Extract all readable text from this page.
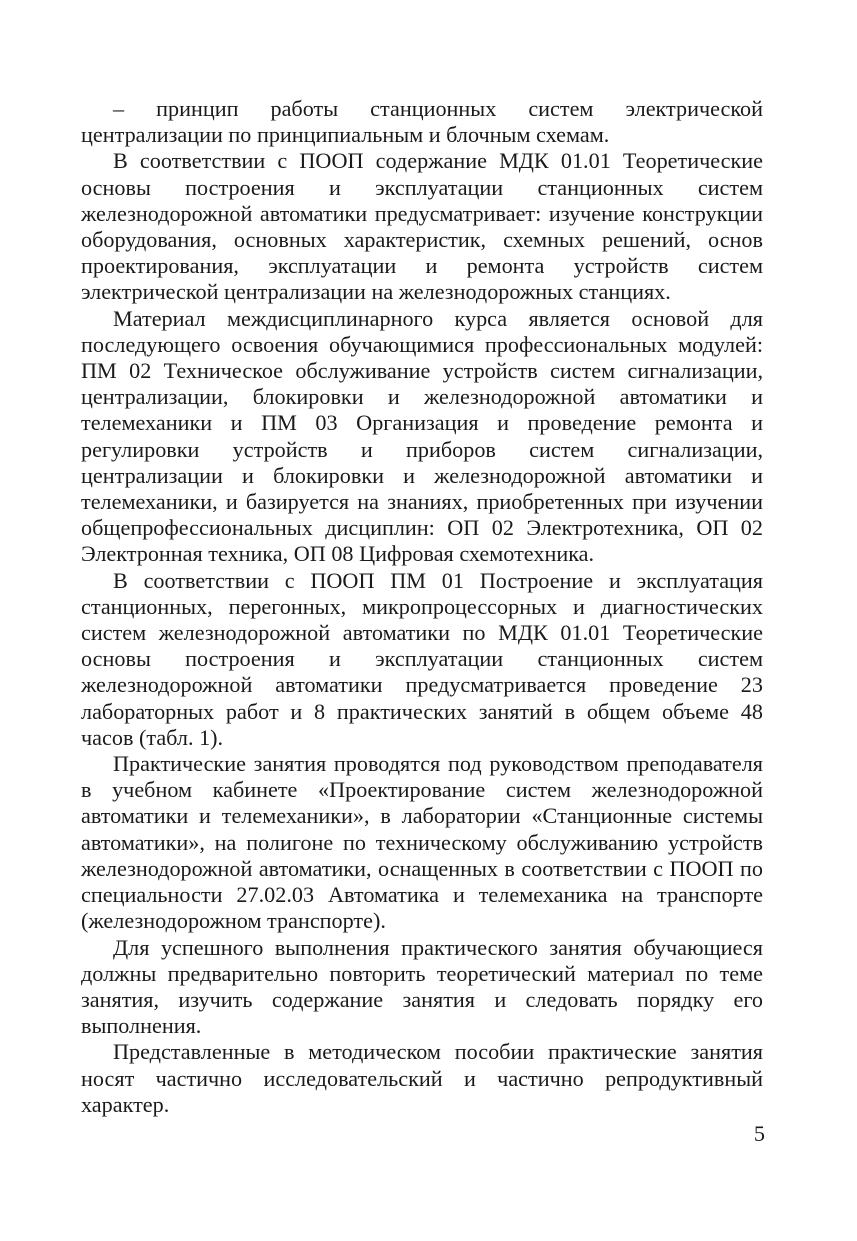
– принцип работы станционных систем электрической централизации по принципиальным и блочным схемам.

В соответствии с ПООП содержание МДК 01.01 Теоретические основы построения и эксплуатации станционных систем железнодорожной автоматики предусматривает: изучение конструкции оборудования, основных характеристик, схемных решений, основ проектирования, эксплуатации и ремонта устройств систем электрической централизации на железнодорожных станциях.

Материал междисциплинарного курса является основой для последующего освоения обучающимися профессиональных модулей: ПМ 02 Техническое обслуживание устройств систем сигнализации, централизации, блокировки и железнодорожной автоматики и телемеханики и ПМ 03 Организация и проведение ремонта и регулировки устройств и приборов систем сигнализации, централизации и блокировки и железнодорожной автоматики и телемеханики, и базируется на знаниях, приобретенных при изучении общепрофессиональных дисциплин: ОП 02 Электротехника, ОП 02 Электронная техника, ОП 08 Цифровая схемотехника.

В соответствии с ПООП ПМ 01 Построение и эксплуатация станционных, перегонных, микропроцессорных и диагностических систем железнодорожной автоматики по МДК 01.01 Теоретические основы построения и эксплуатации станционных систем железнодорожной автоматики предусматривается проведение 23 лабораторных работ и 8 практических занятий в общем объеме 48 часов (табл. 1).

Практические занятия проводятся под руководством преподавателя в учебном кабинете «Проектирование систем железнодорожной автоматики и телемеханики», в лаборатории «Станционные системы автоматики», на полигоне по техническому обслуживанию устройств железнодорожной автоматики, оснащенных в соответствии с ПООП по специальности 27.02.03 Автоматика и телемеханика на транспорте (железнодорожном транспорте).

Для успешного выполнения практического занятия обучающиеся должны предварительно повторить теоретический материал по теме занятия, изучить содержание занятия и следовать порядку его выполнения.

Представленные в методическом пособии практические занятия носят частично исследовательский и частично репродуктивный характер.

5
